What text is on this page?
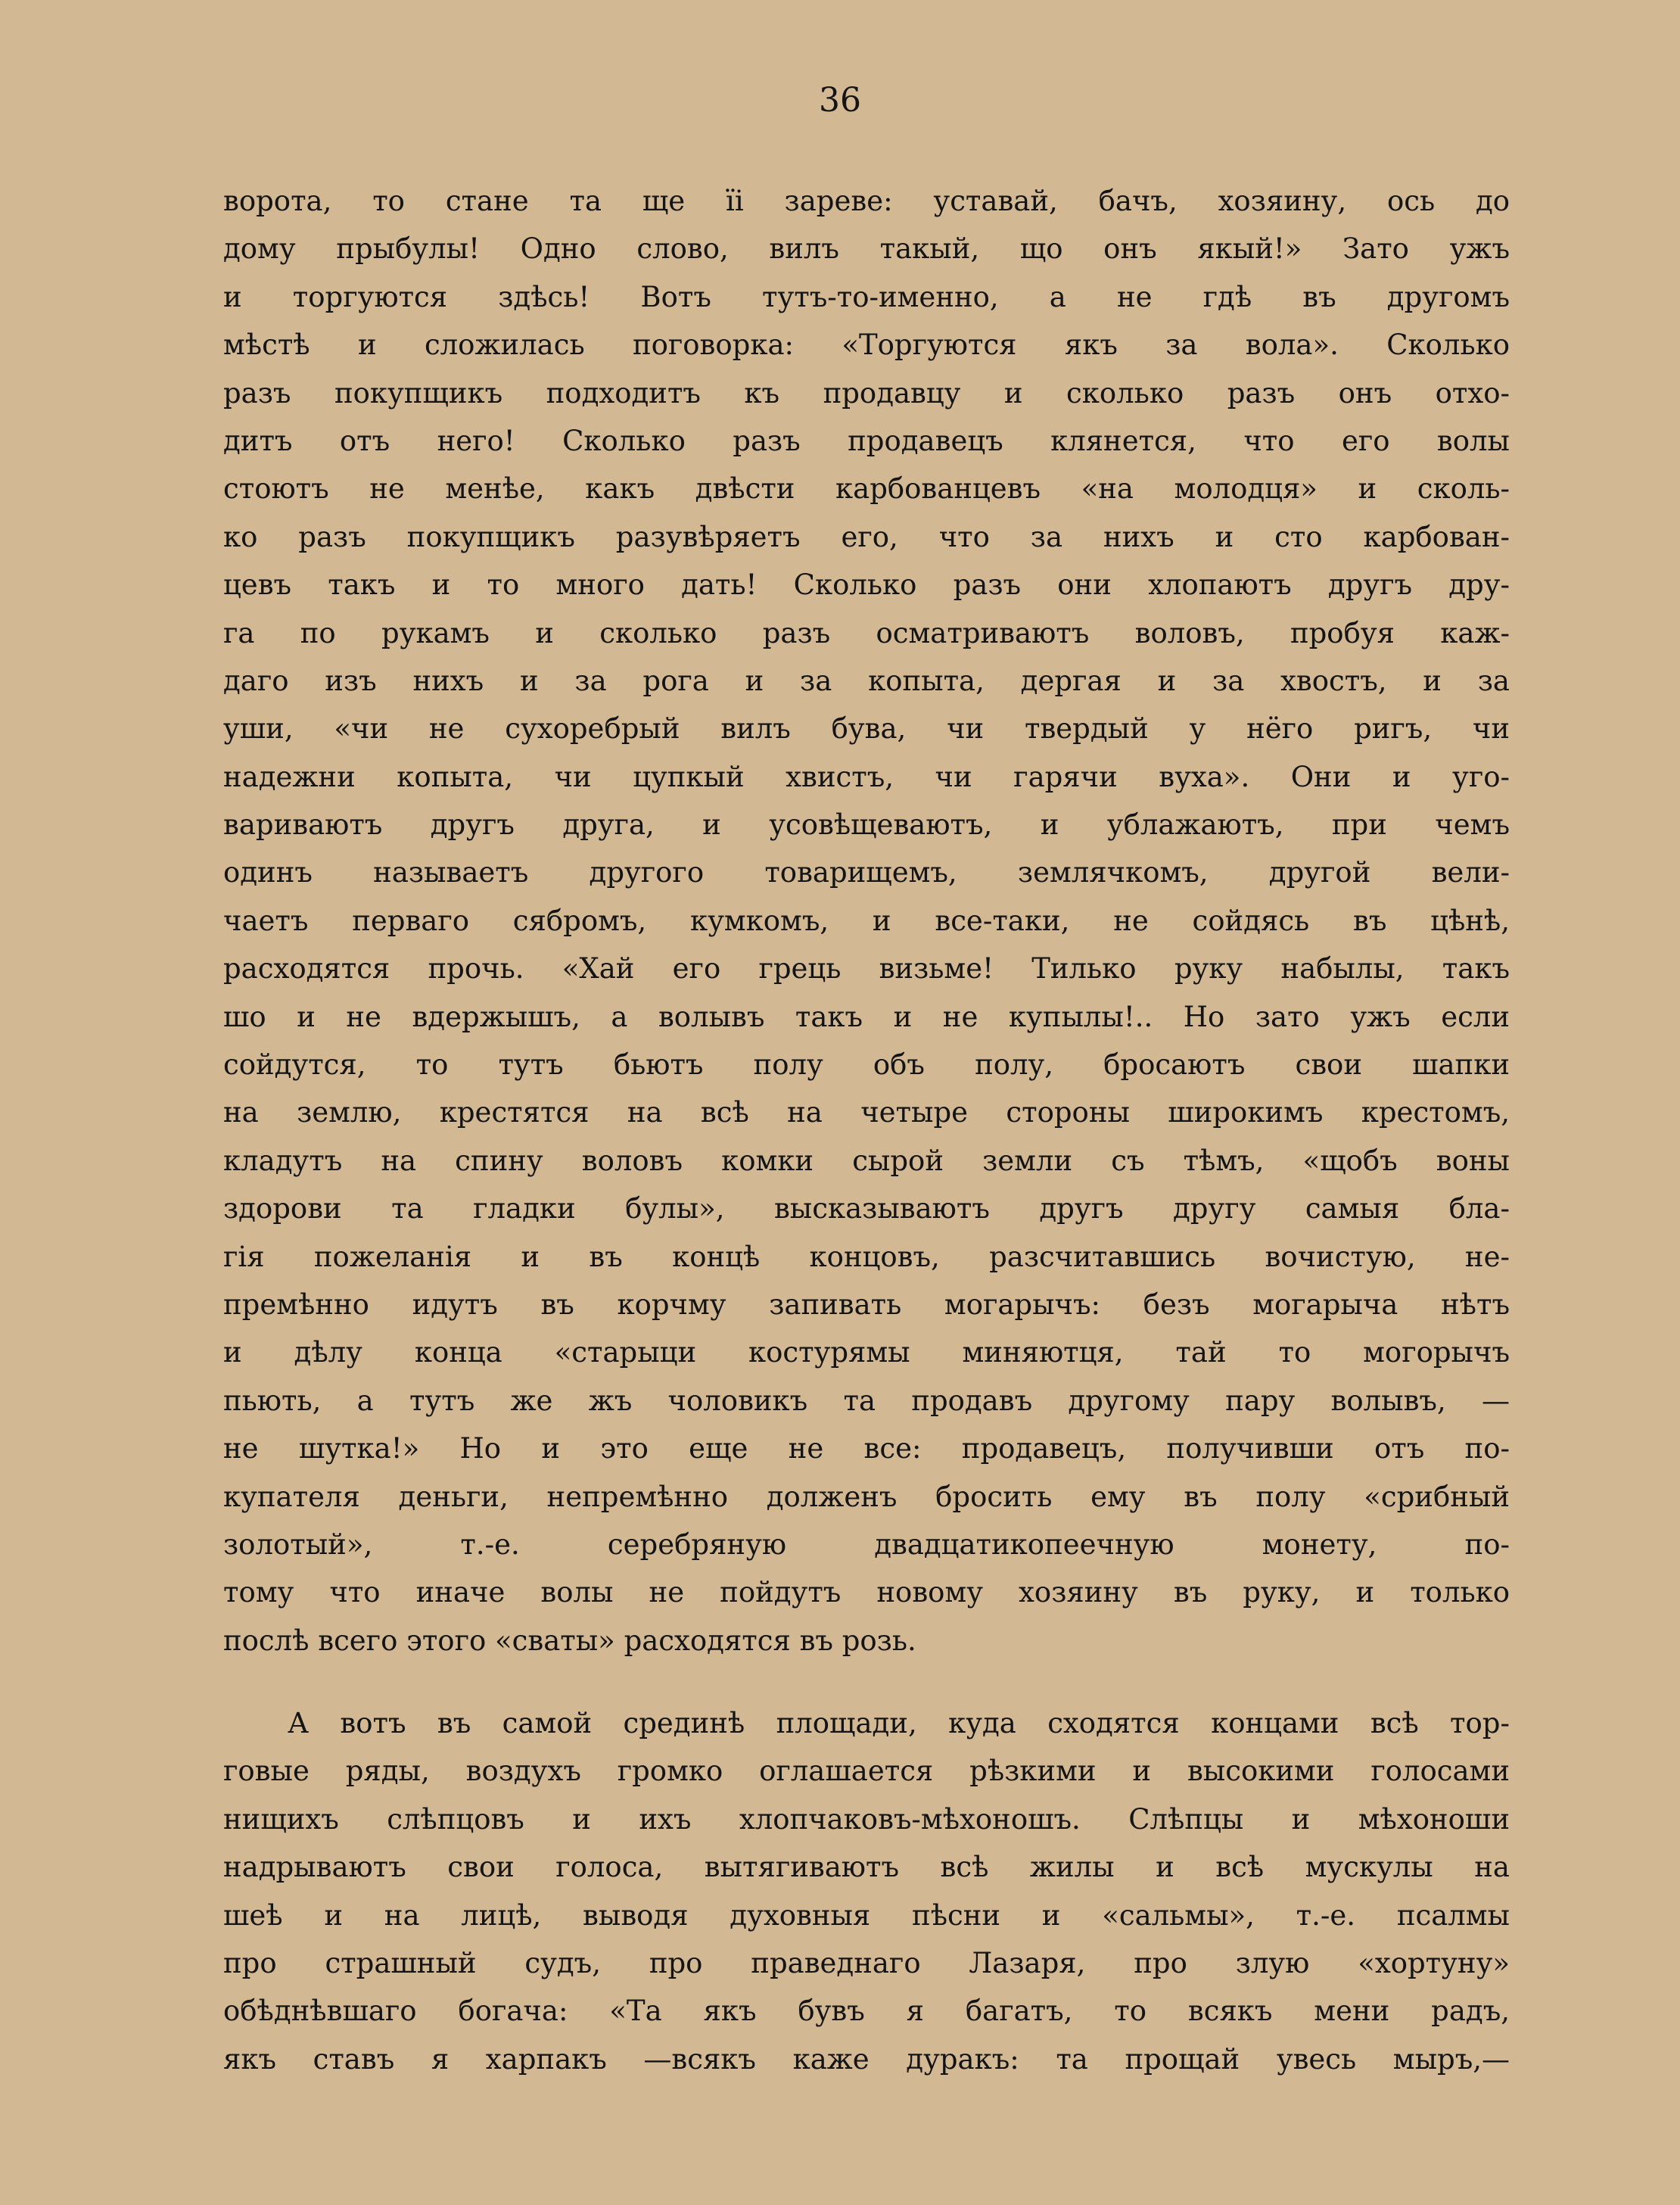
36
ворота, то стане та ще ïi зареве: уставай, бачъ, хозяину, ось до
дому прыбулы! Одно слово, вилъ такый, що онъ якый!» Зато ужъ
и торгуются здѣсь! Вотъ тутъ-то-именно, а не гдѣ въ другомъ
мѣстѣ и сложилась поговорка: «Торгуются якъ за вола». Сколько
разъ покупщикъ подходитъ къ продавцу и сколько разъ онъ отхо-
дитъ отъ него! Сколько разъ продавецъ клянется, что его волы
стоютъ не менѣе, какъ двѣсти карбованцевъ «на молодця» и сколь-
ко разъ покупщикъ разувѣряетъ его, что за нихъ и сто карбован-
цевъ такъ и то много дать! Сколько разъ они хлопаютъ другъ дру-
га по рукамъ и сколько разъ осматриваютъ воловъ, пробуя каж-
даго изъ нихъ и за рога и за копыта, дергая и за хвостъ, и за
уши, «чи не сухоребрый вилъ бува, чи твердый у нёго ригъ, чи
надежни копыта, чи цупкый хвистъ, чи гарячи вуха». Они и уго-
вариваютъ другъ друга, и усовѣщеваютъ, и ублажаютъ, при чемъ
одинъ называетъ другого товарищемъ, землячкомъ, другой вели-
чаетъ перваго сябромъ, кумкомъ, и все-таки, не сойдясь въ цѣнѣ,
расходятся прочь. «Хай его грець визьме! Тилько руку набылы, такъ
шо и не вдержышъ, а волывъ такъ и не купылы!.. Но зато ужъ если
сойдутся, то тутъ бьютъ полу объ полу, бросаютъ свои шапки
на землю, крестятся на всѣ на четыре стороны широкимъ крестомъ,
кладутъ на спину воловъ комки сырой земли съ тѣмъ, «щобъ воны
здорови та гладки булы», высказываютъ другъ другу самыя бла-
гія пожеланія и въ концѣ концовъ, разсчитавшись вочистую, не-
премѣнно идутъ въ корчму запивать могарычъ: безъ могарыча нѣтъ
и дѣлу конца «старыци костурямы миняютця, тай то могорычъ
пьють, а тутъ же жъ чоловикъ та продавъ другому пару волывъ, —
не шутка!» Но и это еще не все: продавецъ, получивши отъ по-
купателя деньги, непремѣнно долженъ бросить ему въ полу «срибный
золотый», т.-е. серебряную двадцатикопеечную монету, по-
тому что иначе волы не пойдутъ новому хозяину въ руку, и только
послѣ всего этого «сваты» расходятся въ розь.
А вотъ въ самой срединѣ площади, куда сходятся концами всѣ тор-
говые ряды, воздухъ громко оглашается рѣзкими и высокими голосами
нищихъ слѣпцовъ и ихъ хлопчаковъ-мѣхоношъ. Слѣпцы и мѣхоноши
надрываютъ свои голоса, вытягиваютъ всѣ жилы и всѣ мускулы на
шеѣ и на лицѣ, выводя духовныя пѣсни и «сальмы», т.-е. псалмы
про страшный судъ, про праведнаго Лазаря, про злую «хортуну»
обѣднѣвшаго богача: «Та якъ бувъ я багатъ, то всякъ мени радъ,
якъ ставъ я харпакъ —всякъ каже дуракъ: та прощай увесь мыръ,—
